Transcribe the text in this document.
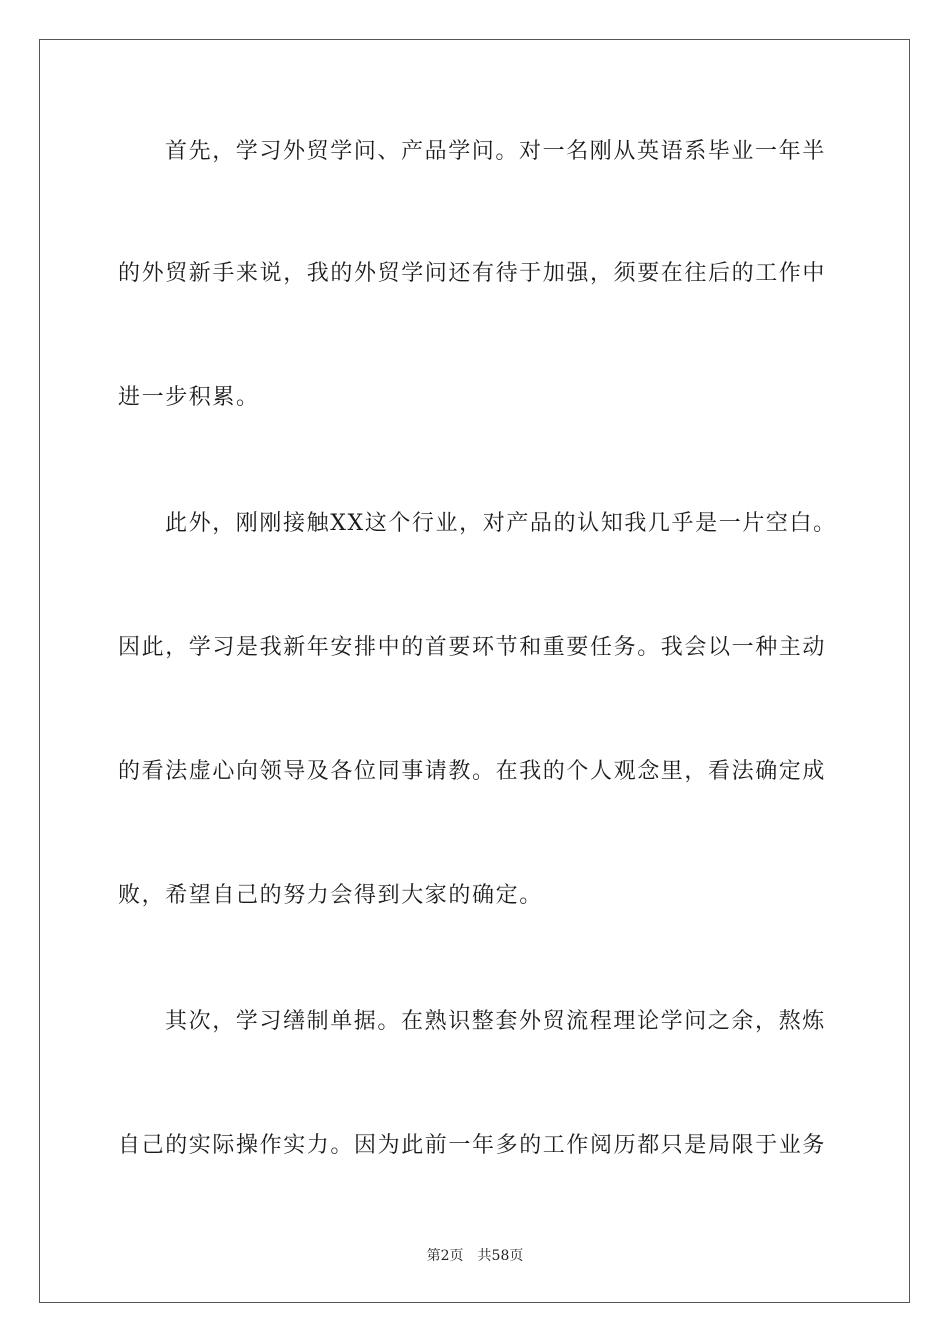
首先，学习外贸学问、产品学问。对一名刚从英语系毕业一年半
的外贸新手来说，我的外贸学问还有待于加强，须要在往后的工作中
进一步积累。
此外，刚刚接触XX这个行业，对产品的认知我几乎是一片空白。
因此，学习是我新年安排中的首要环节和重要任务。我会以一种主动
的看法虚心向领导及各位同事请教。在我的个人观念里，看法确定成
败，希望自己的努力会得到大家的确定。
其次，学习缮制单据。在熟识整套外贸流程理论学问之余，熬炼
自己的实际操作实力。因为此前一年多的工作阅历都只是局限于业务
第2页 共58页
